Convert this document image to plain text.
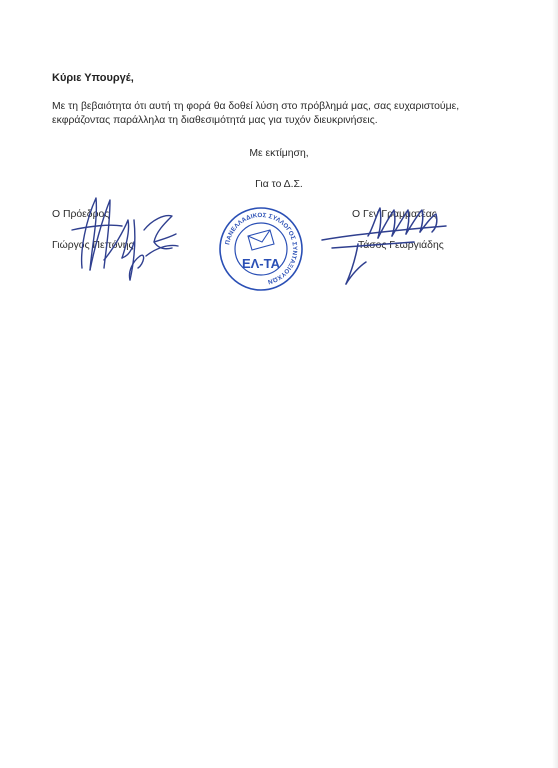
Κύριε Υπουργέ,
Με τη βεβαιότητα ότι αυτή τη φορά θα δοθεί λύση στο πρόβλημά μας, σας ευχαριστούμε,
εκφράζοντας παράλληλα τη διαθεσιμότητά μας για τυχόν διευκρινήσεις.
Με εκτίμηση,
Για το Δ.Σ.
Ο Πρόεδρος
Γιώργος Πεπόνης
Ο Γεν Γραμματέας
Τάσος Γεωργιάδης
ΠΑΝΕΛΛΑΔΙΚΟΣ ΣΥΛΛΟΓΟΣ ΣΥΝΤΑΞΙΟΥΧΩΝ
ΕΛ-ΤΑ
